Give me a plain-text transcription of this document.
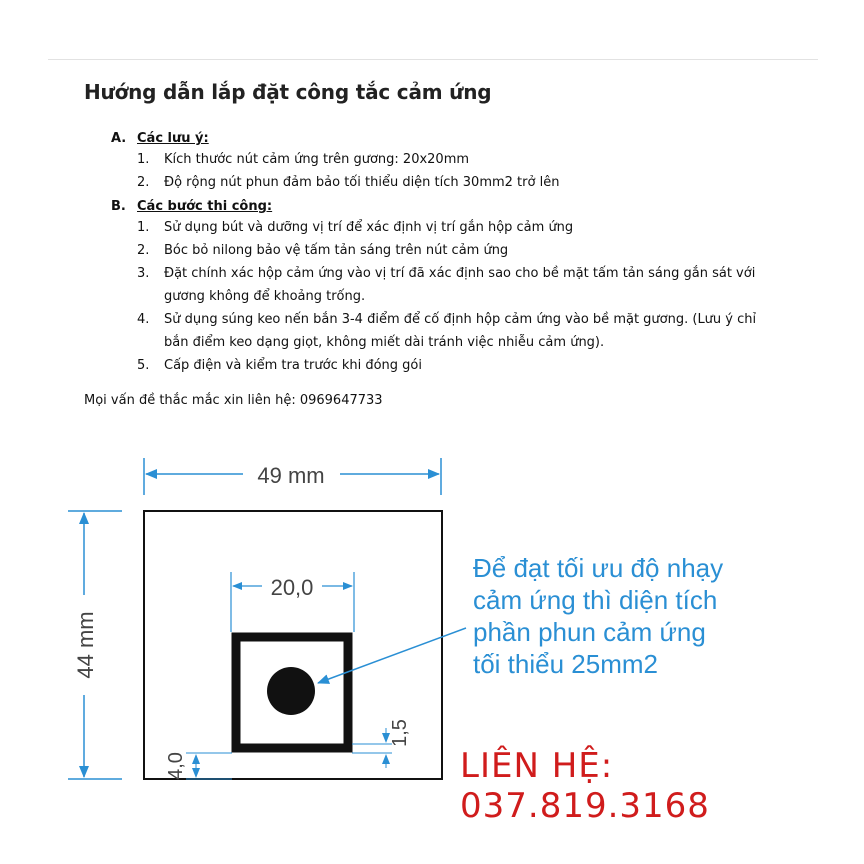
Hướng dẫn lắp đặt công tắc cảm ứng
A. Các lưu ý:
1.	Kích thước nút cảm ứng trên gương: 20x20mm
2.	Độ rộng nút phun đảm bảo tối thiểu diện tích 30mm2 trở lên
B. Các bước thi công:
1.	Sử dụng bút và dưỡng vị trí để xác định vị trí gắn hộp cảm ứng
2.	Bóc bỏ nilong bảo vệ tấm tản sáng trên nút cảm ứng
3.	Đặt chính xác hộp cảm ứng vào vị trí đã xác định sao cho bề mặt tấm tản sáng gắn sát với
gương không để khoảng trống.
4.	Sử dụng súng keo nến bắn 3-4 điểm để cố định hộp cảm ứng vào bề mặt gương. (Lưu ý chỉ
bắn điểm keo dạng giọt, không miết dài tránh việc nhiễu cảm ứng).
5.	Cấp điện và kiểm tra trước khi đóng gói
Mọi vấn đề thắc mắc xin liên hệ: 0969647733
49 mm
44 mm
20,0
1,5
4,0
Để đạt tối ưu độ nhạy
cảm ứng thì diện tích
phần phun cảm ứng
tối thiểu 25mm2
LIÊN HỆ: 037.819.3168
